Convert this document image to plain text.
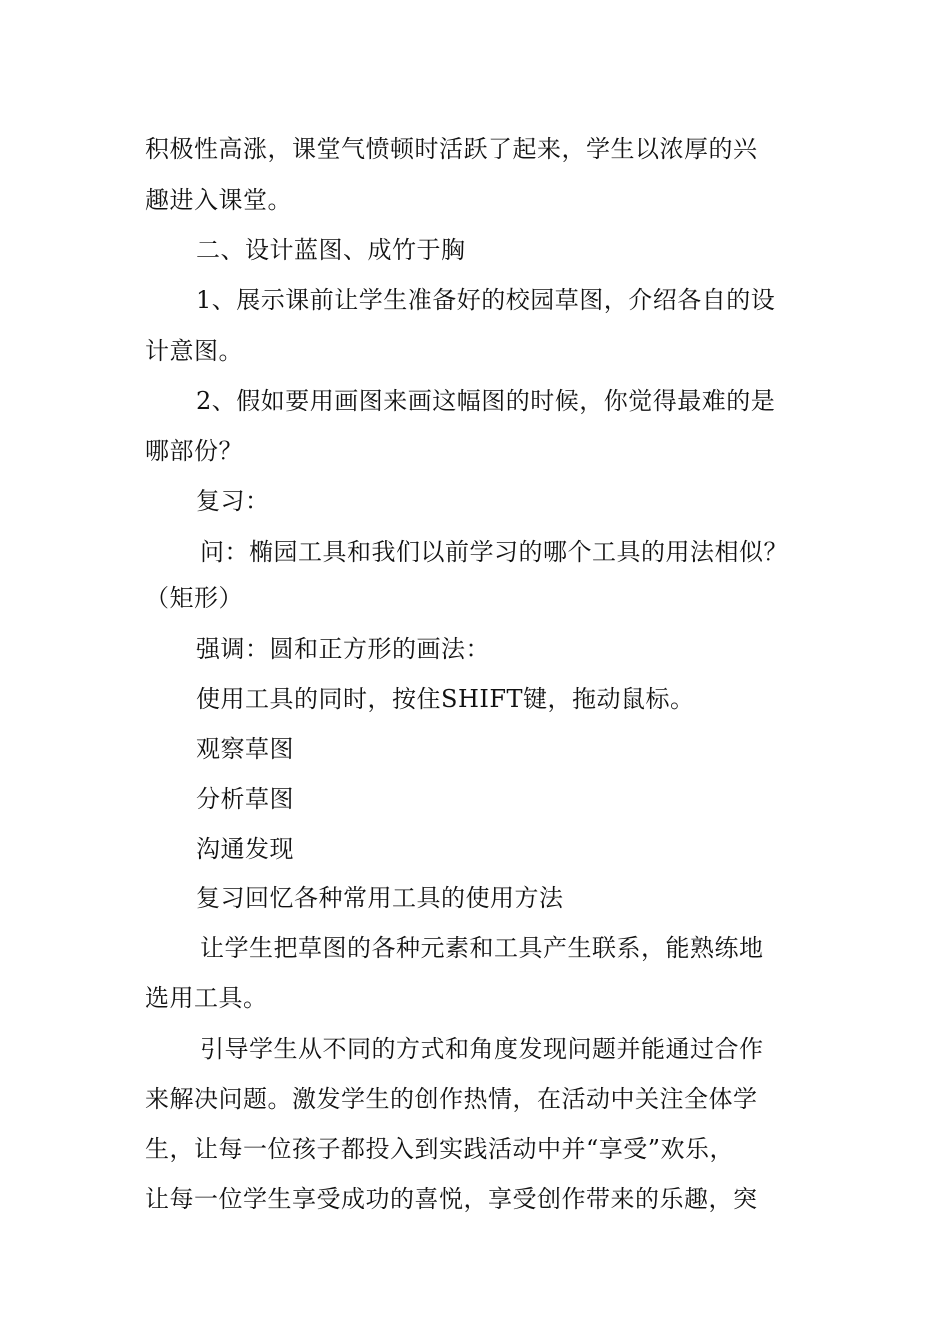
积极性高涨，课堂气愤顿时活跃了起来，学生以浓厚的兴
趣进入课堂。
二、设计蓝图、成竹于胸
1、展示课前让学生准备好的校园草图，介绍各自的设
计意图。
2、假如要用画图来画这幅图的时候，你觉得最难的是
哪部份？
复习：
问：椭园工具和我们以前学习的哪个工具的用法相似？
（矩形）
强调：圆和正方形的画法：
使用工具的同时，按住SHIFT键，拖动鼠标。
观察草图
分析草图
沟通发现
复习回忆各种常用工具的使用方法
让学生把草图的各种元素和工具产生联系，能熟练地
选用工具。
引导学生从不同的方式和角度发现问题并能通过合作
来解决问题。激发学生的创作热情，在活动中关注全体学
生，让每一位孩子都投入到实践活动中并“享受”欢乐，
让每一位学生享受成功的喜悦，享受创作带来的乐趣，突
